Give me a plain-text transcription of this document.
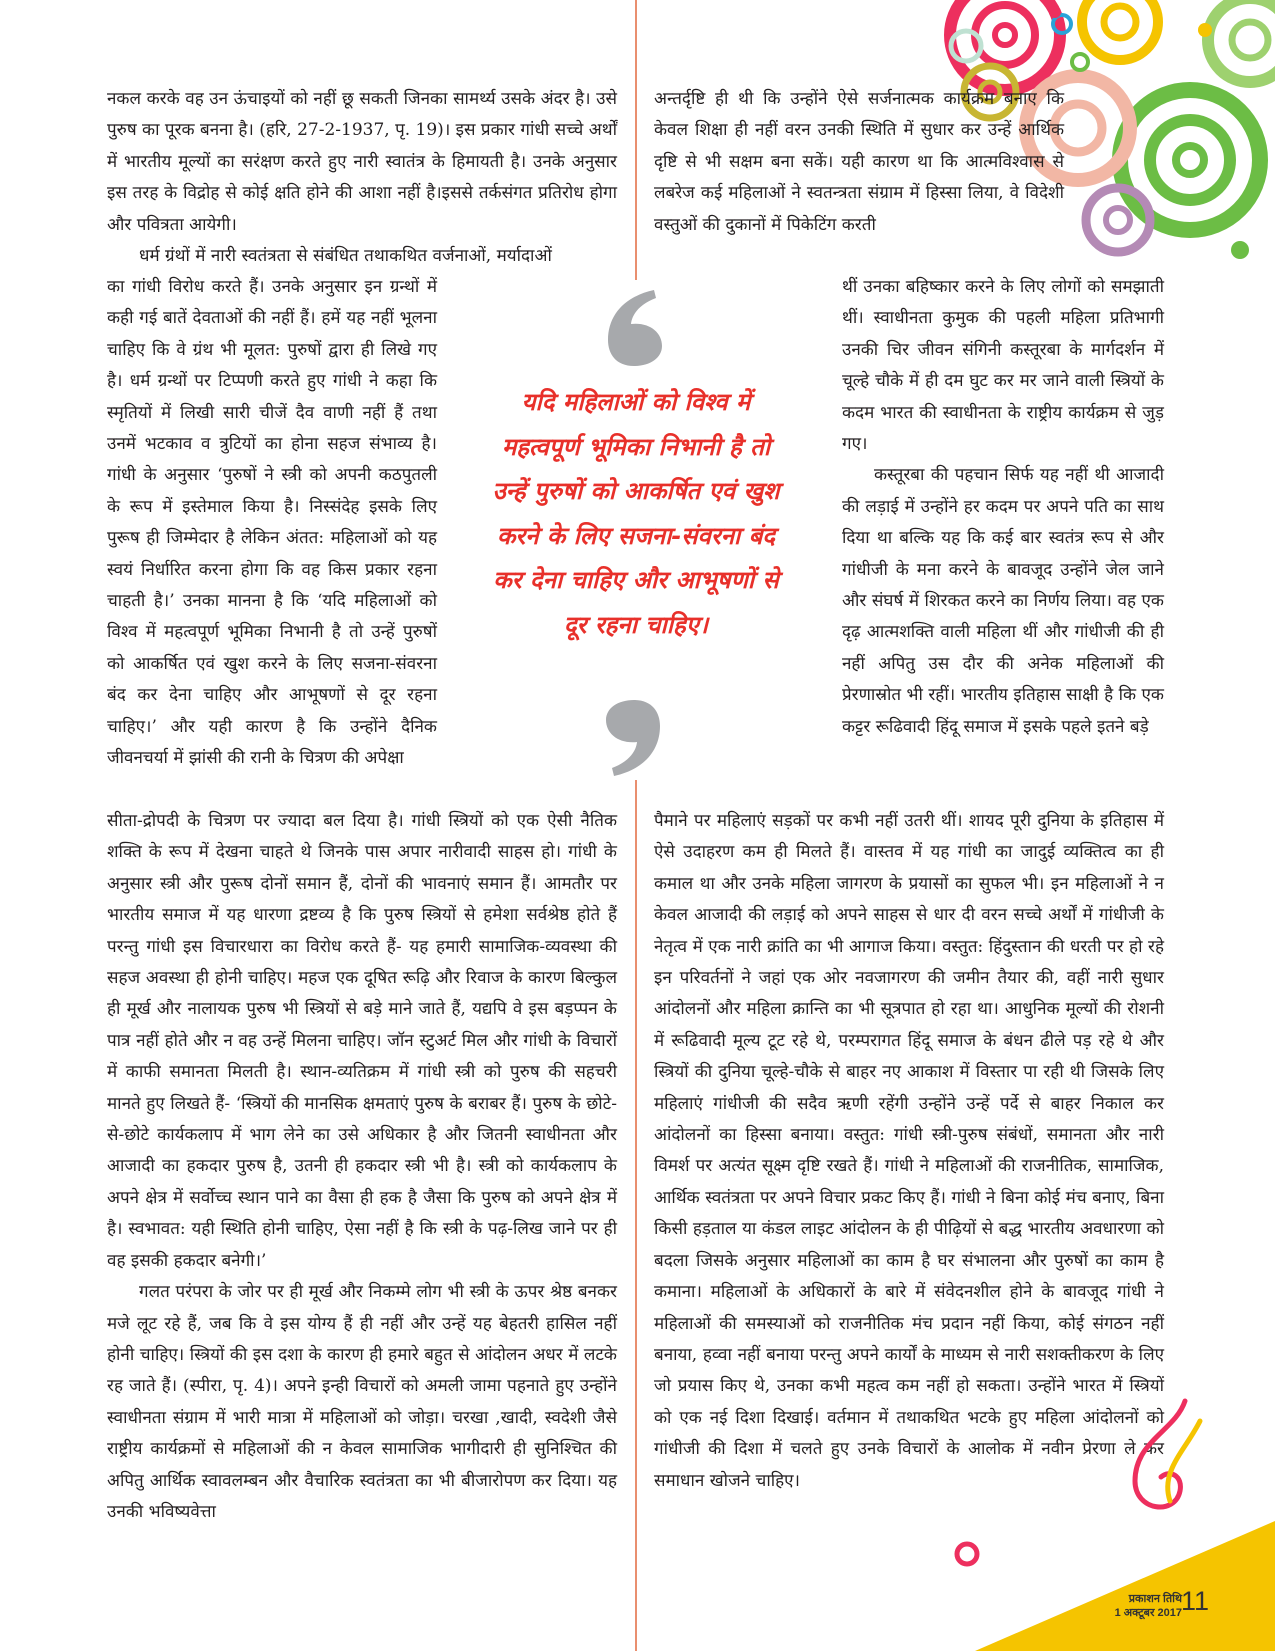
नकल करके वह उन ऊंचाइयों को नहीं छू सकती जिनका सामर्थ्य उसके अंदर है। उसे पुरुष का पूरक बनना है। (हरि, 27-2-1937, पृ. 19)। इस प्रकार गांधी सच्चे अर्थों में भारतीय मूल्यों का सरंक्षण करते हुए नारी स्वातंत्र के हिमायती है। उनके अनुसार इस तरह के विद्रोह से कोई क्षति होने की आशा नहीं है।इससे तर्कसंगत प्रतिरोध होगा और पवित्रता आयेगी।

धर्म ग्रंथों में नारी स्वतंत्रता से संबंधित तथाकथित वर्जनाओं, मर्यादाओं

का गांधी विरोध करते हैं। उनके अनुसार इन ग्रन्थों में कही गई बातें देवताओं की नहीं हैं। हमें यह नहीं भूलना चाहिए कि वे ग्रंथ भी मूलत: पुरुषों द्वारा ही लिखे गए है। धर्म ग्रन्थों पर टिप्पणी करते हुए गांधी ने कहा कि स्मृतियों में लिखी सारी चीजें दैव वाणी नहीं हैं तथा उनमें भटकाव व त्रुटियों का होना सहज संभाव्य है। गांधी के अनुसार ‘पुरुषों ने स्त्री को अपनी कठपुतली के रूप में इस्तेमाल किया है। निस्संदेह इसके लिए पुरूष ही जिम्मेदार है लेकिन अंतत: महिलाओं को यह स्वयं निर्धारित करना होगा कि वह किस प्रकार रहना चाहती है।’ उनका मानना है कि ‘यदि महिलाओं को विश्व में महत्वपूर्ण भूमिका निभानी है तो उन्हें पुरुषों को आकर्षित एवं खुश करने के लिए सजना-संवरना बंद कर देना चाहिए और आभूषणों से दूर रहना चाहिए।’ और यही कारण है कि उन्होंने दैनिक जीवनचर्या में झांसी की रानी के चित्रण की अपेक्षा

सीता-द्रोपदी के चित्रण पर ज्यादा बल दिया है। गांधी स्त्रियों को एक ऐसी नैतिक शक्ति के रूप में देखना चाहते थे जिनके पास अपार नारीवादी साहस हो। गांधी के अनुसार स्त्री और पुरूष दोनों समान हैं, दोनों की भावनाएं समान हैं। आमतौर पर भारतीय समाज में यह धारणा द्रष्टव्य है कि पुरुष स्त्रियों से हमेशा सर्वश्रेष्ठ होते हैं परन्तु गांधी इस विचारधारा का विरोध करते हैं- यह हमारी सामाजिक-व्यवस्था की सहज अवस्था ही होनी चाहिए। महज एक दूषित रूढ़ि और रिवाज के कारण बिल्कुल ही मूर्ख और नालायक पुरुष भी स्त्रियों से बड़े माने जाते हैं, यद्यपि वे इस बड़प्पन के पात्र नहीं होते और न वह उन्हें मिलना चाहिए। जॉन स्टुअर्ट मिल और गांधी के विचारों में काफी समानता मिलती है। स्थान-व्यतिक्रम में गांधी स्त्री को पुरुष की सहचरी मानते हुए लिखते हैं- ‘स्त्रियों की मानसिक क्षमताएं पुरुष के बराबर हैं। पुरुष के छोटे-से-छोटे कार्यकलाप में भाग लेने का उसे अधिकार है और जितनी स्वाधीनता और आजादी का हकदार पुरुष है, उतनी ही हकदार स्त्री भी है। स्त्री को कार्यकलाप के अपने क्षेत्र में सर्वोच्च स्थान पाने का वैसा ही हक है जैसा कि पुरुष को अपने क्षेत्र में है। स्वभावत: यही स्थिति होनी चाहिए, ऐसा नहीं है कि स्त्री के पढ़-लिख जाने पर ही वह इसकी हकदार बनेगी।’

गलत परंपरा के जोर पर ही मूर्ख और निकम्मे लोग भी स्त्री के ऊपर श्रेष्ठ बनकर मजे लूट रहे हैं, जब कि वे इस योग्य हैं ही नहीं और उन्हें यह बेहतरी हासिल नहीं होनी चाहिए। स्त्रियों की इस दशा के कारण ही हमारे बहुत से आंदोलन अधर में लटके रह जाते हैं। (स्पीरा, पृ. 4)। अपने इन्ही विचारों को अमली जामा पहनाते हुए उन्होंने स्वाधीनता संग्राम में भारी मात्रा में महिलाओं को जोड़ा। चरखा ,खादी, स्वदेशी जैसे राष्ट्रीय कार्यक्रमों से महिलाओं की न केवल सामाजिक भागीदारी ही सुनिश्चित की अपितु आर्थिक स्वावलम्बन और वैचारिक स्वतंत्रता का भी बीजारोपण कर दिया। यह उनकी भविष्यवेत्ता

अन्तर्दृष्टि ही थी कि उन्होंने ऐसे सर्जनात्मक कार्यक्रम बनाए कि केवल शिक्षा ही नहीं वरन उनकी स्थिति में सुधार कर उन्हें आर्थिक दृष्टि से भी सक्षम बना सकें। यही कारण था कि आत्मविश्वास से लबरेज कई महिलाओं ने स्वतन्त्रता संग्राम में हिस्सा लिया, वे विदेशी वस्तुओं की दुकानों में पिकेटिंग करती

थीं उनका बहिष्कार करने के लिए लोगों को समझाती थीं। स्वाधीनता कुमुक की पहली महिला प्रतिभागी उनकी चिर जीवन संगिनी कस्तूरबा के मार्गदर्शन में चूल्हे चौके में ही दम घुट कर मर जाने वाली स्त्रियों के कदम भारत की स्वाधीनता के राष्ट्रीय कार्यक्रम से जुड़ गए।

कस्तूरबा की पहचान सिर्फ यह नहीं थी आजादी की लड़ाई में उन्होंने हर कदम पर अपने पति का साथ दिया था बल्कि यह कि कई बार स्वतंत्र रूप से और गांधीजी के मना करने के बावजूद उन्होंने जेल जाने और संघर्ष में शिरकत करने का निर्णय लिया। वह एक दृढ़ आत्मशक्ति वाली महिला थीं और गांधीजी की ही नहीं अपितु उस दौर की अनेक महिलाओं की प्रेरणास्रोत भी रहीं। भारतीय इतिहास साक्षी है कि एक कट्टर रूढिवादी हिंदू समाज में इसके पहले इतने बड़े

पैमाने पर महिलाएं सड़कों पर कभी नहीं उतरी थीं। शायद पूरी दुनिया के इतिहास में ऐसे उदाहरण कम ही मिलते हैं। वास्तव में यह गांधी का जादुई व्यक्तित्व का ही कमाल था और उनके महिला जागरण के प्रयासों का सुफल भी। इन महिलाओं ने न केवल आजादी की लड़ाई को अपने साहस से धार दी वरन सच्चे अर्थों में गांधीजी के नेतृत्व में एक नारी क्रांति का भी आगाज किया। वस्तुत: हिंदुस्तान की धरती पर हो रहे इन परिवर्तनों ने जहां एक ओर नवजागरण की जमीन तैयार की, वहीं नारी सुधार आंदोलनों और महिला क्रान्ति का भी सूत्रपात हो रहा था। आधुनिक मूल्यों की रोशनी में रूढिवादी मूल्य टूट रहे थे, परम्परागत हिंदू समाज के बंधन ढीले पड़ रहे थे और स्त्रियों की दुनिया चूल्हे-चौके से बाहर नए आकाश में विस्तार पा रही थी जिसके लिए महिलाएं गांधीजी की सदैव ऋणी रहेंगी उन्होंने उन्हें पर्दे से बाहर निकाल कर आंदोलनों का हिस्सा बनाया। वस्तुत: गांधी स्त्री-पुरुष संबंधों, समानता और नारी विमर्श पर अत्यंत सूक्ष्म दृष्टि रखते हैं। गांधी ने महिलाओं की राजनीतिक, सामाजिक, आर्थिक स्वतंत्रता पर अपने विचार प्रकट किए हैं। गांधी ने बिना कोई मंच बनाए, बिना किसी हड़ताल या कंडल लाइट आंदोलन के ही पीढ़ियों से बद्ध भारतीय अवधारणा को बदला जिसके अनुसार महिलाओं का काम है घर संभालना और पुरुषों का काम है कमाना। महिलाओं के अधिकारों के बारे में संवेदनशील होने के बावजूद गांधी ने महिलाओं की समस्याओं को राजनीतिक मंच प्रदान नहीं किया, कोई संगठन नहीं बनाया, हव्वा नहीं बनाया परन्तु अपने कार्यों के माध्यम से नारी सशक्तीकरण के लिए जो प्रयास किए थे, उनका कभी महत्व कम नहीं हो सकता। उन्होंने भारत में स्त्रियों को एक नई दिशा दिखाई। वर्तमान में तथाकथित भटके हुए महिला आंदोलनों को गांधीजी की दिशा में चलते हुए उनके विचारों के आलोक में नवीन प्रेरणा ले कर समाधान खोजने चाहिए।

यदि महिलाओं को विश्व में महत्वपूर्ण भूमिका निभानी है तो उन्हें पुरुषों को आकर्षित एवं खुश करने के लिए सजना-संवरना बंद कर देना चाहिए और आभूषणों से दूर रहना चाहिए।
प्रकाशन तिथि
1 अक्टूबर 2017
11
